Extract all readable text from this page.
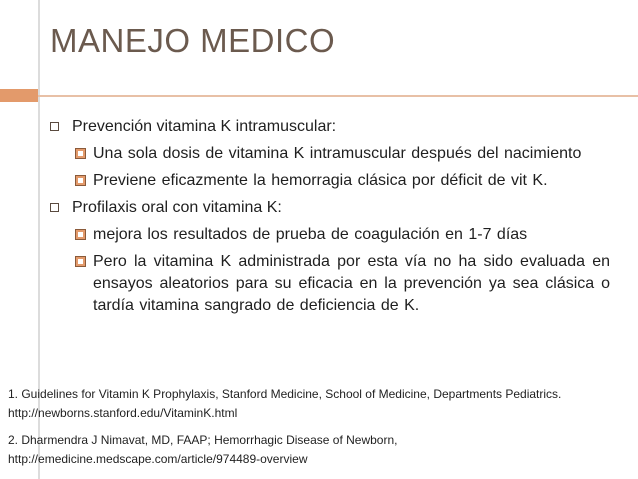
MANEJO MEDICO
Prevención vitamina K intramuscular:
Una sola dosis de vitamina K intramuscular después del nacimiento
Previene eficazmente la hemorragia clásica por déficit de vit K.
Profilaxis oral con vitamina K:
mejora los resultados de prueba de coagulación en 1-7 días
Pero la vitamina K administrada por esta vía no ha sido evaluada en ensayos aleatorios para su eficacia en la prevención ya sea clásica o tardía vitamina sangrado de deficiencia de K.
1. Guidelines for Vitamin K Prophylaxis, Stanford Medicine, School of Medicine, Departments Pediatrics. http://newborns.stanford.edu/VitaminK.html
2. Dharmendra J Nimavat, MD, FAAP; Hemorrhagic Disease of Newborn, http://emedicine.medscape.com/article/974489-overview
